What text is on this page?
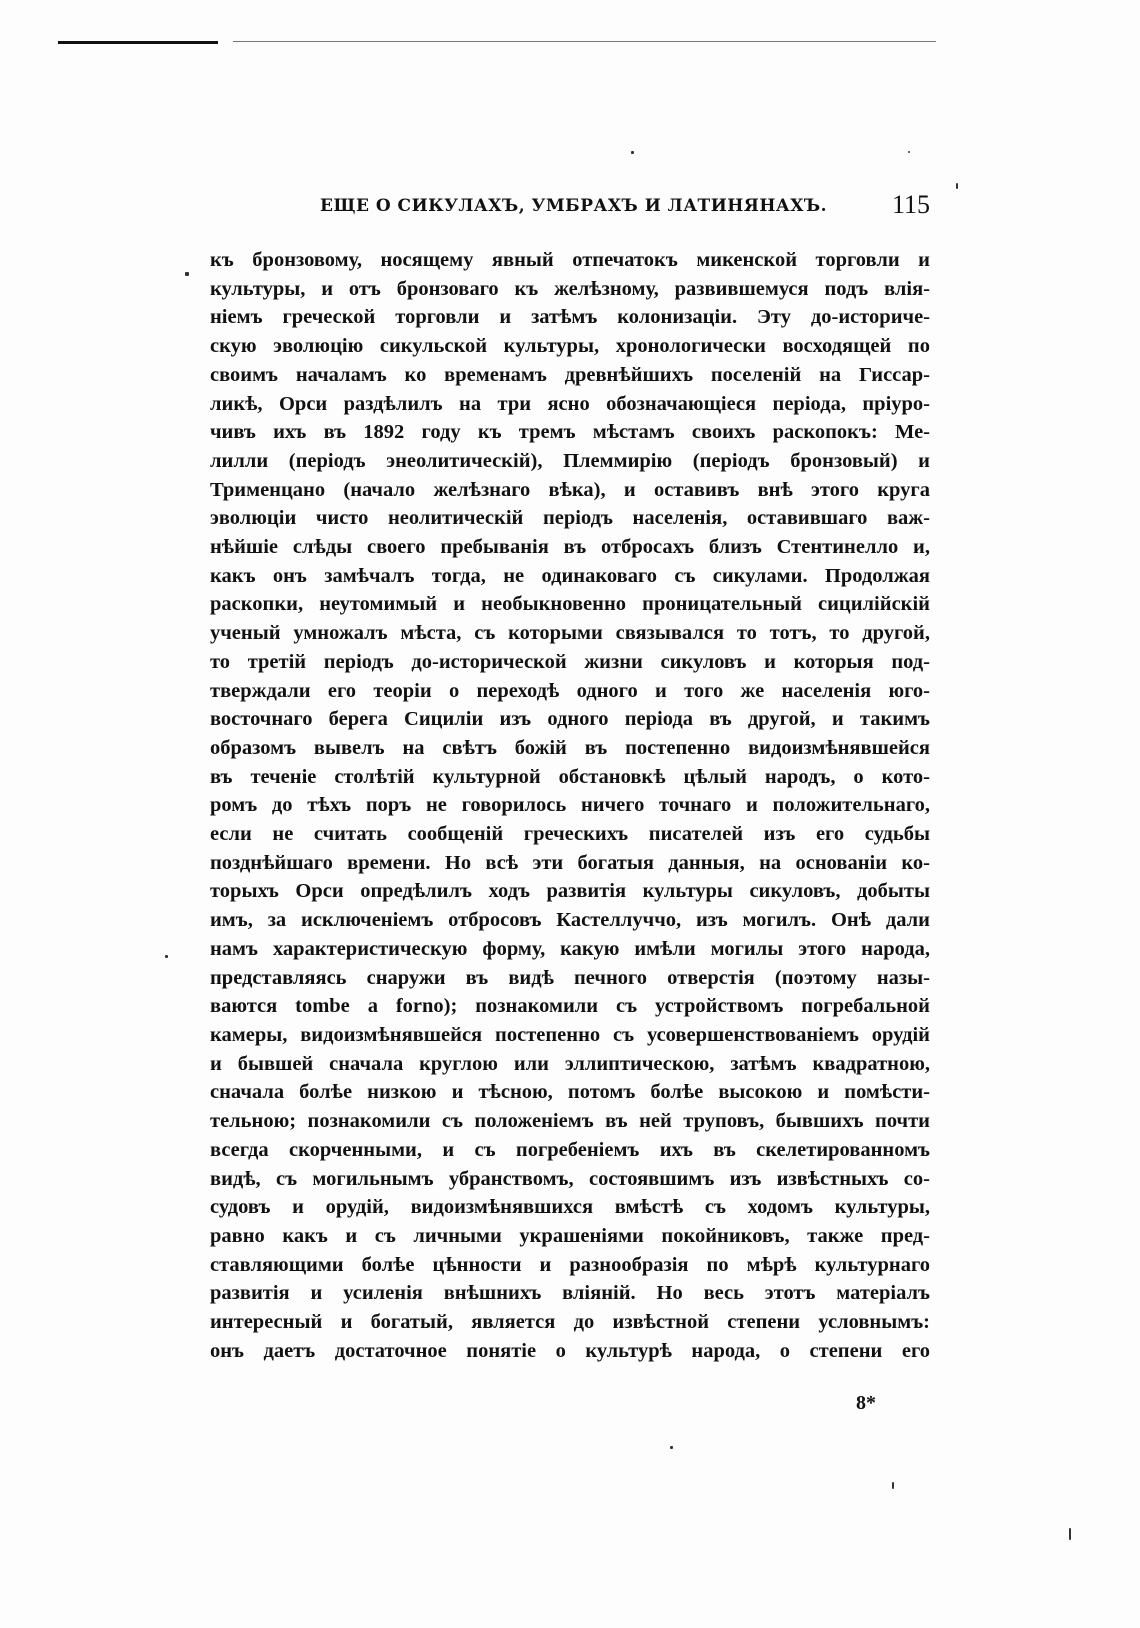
ЕЩЕ О СИКУЛАХЪ, УМБРАХЪ И ЛАТИНЯНАХЪ. 115
къ бронзовому, носящему явный отпечатокъ микенской торговли и
культуры, и отъ бронзоваго къ желѣзному, развившемуся подъ влія-
ніемъ греческой торговли и затѣмъ колонизаціи. Эту до-историче-
скую эволюцію сикульской культуры, хронологически восходящей по
своимъ началамъ ко временамъ древнѣйшихъ поселеній на Гиссар-
ликѣ, Орси раздѣлилъ на три ясно обозначающіеся періода, пріуро-
чивъ ихъ въ 1892 году къ тремъ мѣстамъ своихъ раскопокъ: Ме-
лилли (періодъ энеолитическій), Племмирію (періодъ бронзовый) и
Трименцано (начало желѣзнаго вѣка), и оставивъ внѣ этого круга
эволюціи чисто неолитическій періодъ населенія, оставившаго важ-
нѣйшіе слѣды своего пребыванія въ отбросахъ близъ Стентинелло и,
какъ онъ замѣчалъ тогда, не одинаковаго съ сикулами. Продолжая
раскопки, неутомимый и необыкновенно проницательный сицилійскій
ученый умножалъ мѣста, съ которыми связывался то тотъ, то другой,
то третій періодъ до-исторической жизни сикуловъ и которыя под-
тверждали его теоріи о переходѣ одного и того же населенія юго-
восточнаго берега Сициліи изъ одного періода въ другой, и такимъ
образомъ вывелъ на свѣтъ божій въ постепенно видоизмѣнявшейся
въ теченіе столѣтій культурной обстановкѣ цѣлый народъ, о кото-
ромъ до тѣхъ поръ не говорилось ничего точнаго и положительнаго,
если не считать сообщеній греческихъ писателей изъ его судьбы
позднѣйшаго времени. Но всѣ эти богатыя данныя, на основаніи ко-
торыхъ Орси опредѣлилъ ходъ развитія культуры сикуловъ, добыты
имъ, за исключеніемъ отбросовъ Кастеллуччо, изъ могилъ. Онѣ дали
намъ характеристическую форму, какую имѣли могилы этого народа,
представляясь снаружи въ видѣ печного отверстія (поэтому назы-
ваются tombe a forno); познакомили съ устройствомъ погребальной
камеры, видоизмѣнявшейся постепенно съ усовершенствованіемъ орудій
и бывшей сначала круглою или эллиптическою, затѣмъ квадратною,
сначала болѣе низкою и тѣсною, потомъ болѣе высокою и помѣсти-
тельною; познакомили съ положеніемъ въ ней труповъ, бывшихъ почти
всегда скорченными, и съ погребеніемъ ихъ въ скелетированномъ
видѣ, съ могильнымъ убранствомъ, состоявшимъ изъ извѣстныхъ со-
судовъ и орудій, видоизмѣнявшихся вмѣстѣ съ ходомъ культуры,
равно какъ и съ личными украшеніями покойниковъ, также пред-
ставляющими болѣе цѣнности и разнообразія по мѣрѣ культурнаго
развитія и усиленія внѣшнихъ вліяній. Но весь этотъ матеріалъ
интересный и богатый, является до извѣстной степени условнымъ:
онъ даетъ достаточное понятіе о культурѣ народа, о степени его
8*
